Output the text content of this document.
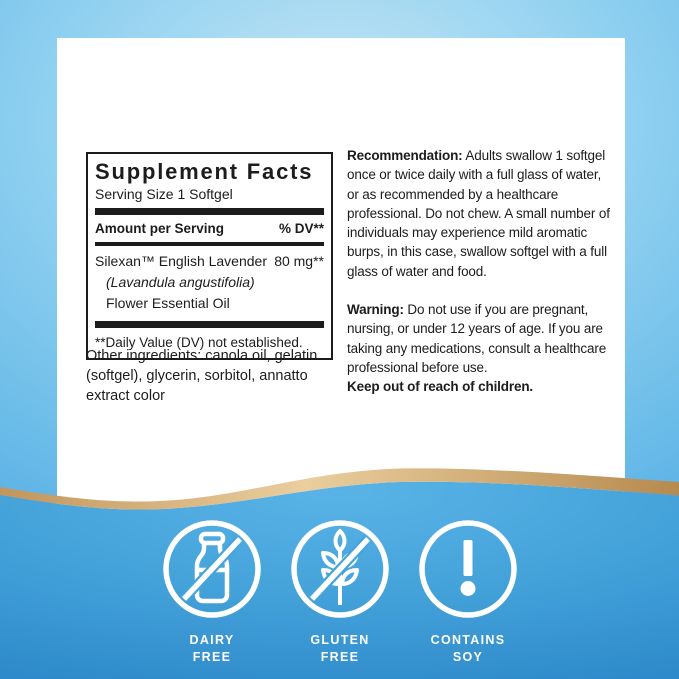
Supplement Facts
Serving Size 1 Softgel
Amount per Serving	% DV**
Silexan™ English Lavender
(Lavandula angustifolia)
Flower Essential Oil
80 mg**
**Daily Value (DV) not established.
Other ingredients: canola oil, gelatin (softgel), glycerin, sorbitol, annatto extract color

Recommendation: Adults swallow 1 softgel once or twice daily with a full glass of water, or as recommended by a healthcare professional. Do not chew. A small number of individuals may experience mild aromatic burps, in this case, swallow softgel with a full glass of water and food.

Warning: Do not use if you are pregnant, nursing, or under 12 years of age. If you are taking any medications, consult a healthcare professional before use.
Keep out of reach of children.

DAIRY
FREE
GLUTEN
FREE
CONTAINS
SOY
